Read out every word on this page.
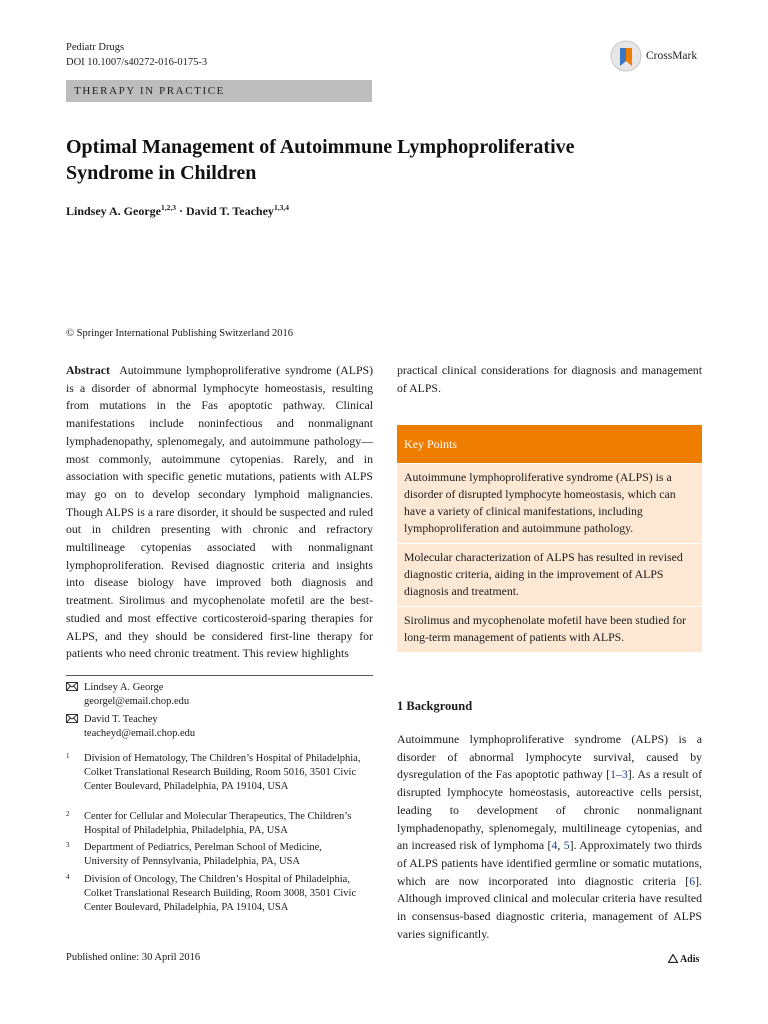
Pediatr Drugs
DOI 10.1007/s40272-016-0175-3
CrossMark
THERAPY IN PRACTICE
Optimal Management of Autoimmune Lymphoproliferative Syndrome in Children
Lindsey A. George$^{1,2,3}$ · David T. Teachey$^{1,3,4}$
© Springer International Publishing Switzerland 2016

Abstract Autoimmune lymphoproliferative syndrome (ALPS) is a disorder of abnormal lymphocyte homeostasis, resulting from mutations in the Fas apoptotic pathway. Clinical manifestations include noninfectious and nonmalignant lymphadenopathy, splenomegaly, and autoimmune pathology—most commonly, autoimmune cytopenias. Rarely, and in association with specific genetic mutations, patients with ALPS may go on to develop secondary lymphoid malignancies. Though ALPS is a rare disorder, it should be suspected and ruled out in children presenting with chronic and refractory multilineage cytopenias associated with nonmalignant lymphoproliferation. Revised diagnostic criteria and insights into disease biology have improved both diagnosis and treatment. Sirolimus and mycophenolate mofetil are the best-studied and most effective corticosteroid-sparing therapies for ALPS, and they should be considered first-line therapy for patients who need chronic treatment. This review highlights

practical clinical considerations for diagnosis and management of ALPS.

Key Points
Autoimmune lymphoproliferative syndrome (ALPS) is a disorder of disrupted lymphocyte homeostasis, which can have a variety of clinical manifestations, including lymphoproliferation and autoimmune pathology.
Molecular characterization of ALPS has resulted in revised diagnostic criteria, aiding in the improvement of ALPS diagnosis and treatment.
Sirolimus and mycophenolate mofetil have been studied for long-term management of patients with ALPS.
Lindsey A. George
georgel@email.chop.edu
David T. Teachey
teacheyd@email.chop.edu
1 Division of Hematology, The Children’s Hospital of Philadelphia, Colket Translational Research Building, Room 5016, 3501 Civic Center Boulevard, Philadelphia, PA 19104, USA
2 Center for Cellular and Molecular Therapeutics, The Children’s Hospital of Philadelphia, Philadelphia, PA, USA
3 Department of Pediatrics, Perelman School of Medicine, University of Pennsylvania, Philadelphia, PA, USA
4 Division of Oncology, The Children’s Hospital of Philadelphia, Colket Translational Research Building, Room 3008, 3501 Civic Center Boulevard, Philadelphia, PA 19104, USA
1 Background

Autoimmune lymphoproliferative syndrome (ALPS) is a disorder of abnormal lymphocyte survival, caused by dysregulation of the Fas apoptotic pathway [1–3]. As a result of disrupted lymphocyte homeostasis, autoreactive cells persist, leading to development of chronic nonmalignant lymphadenopathy, splenomegaly, multilineage cytopenias, and an increased risk of lymphoma [4, 5]. Approximately two thirds of ALPS patients have identified germline or somatic mutations, which are now incorporated into diagnostic criteria [6]. Although improved clinical and molecular criteria have resulted in consensus-based diagnostic criteria, management of ALPS varies significantly.

Published online: 30 April 2016	Adis
